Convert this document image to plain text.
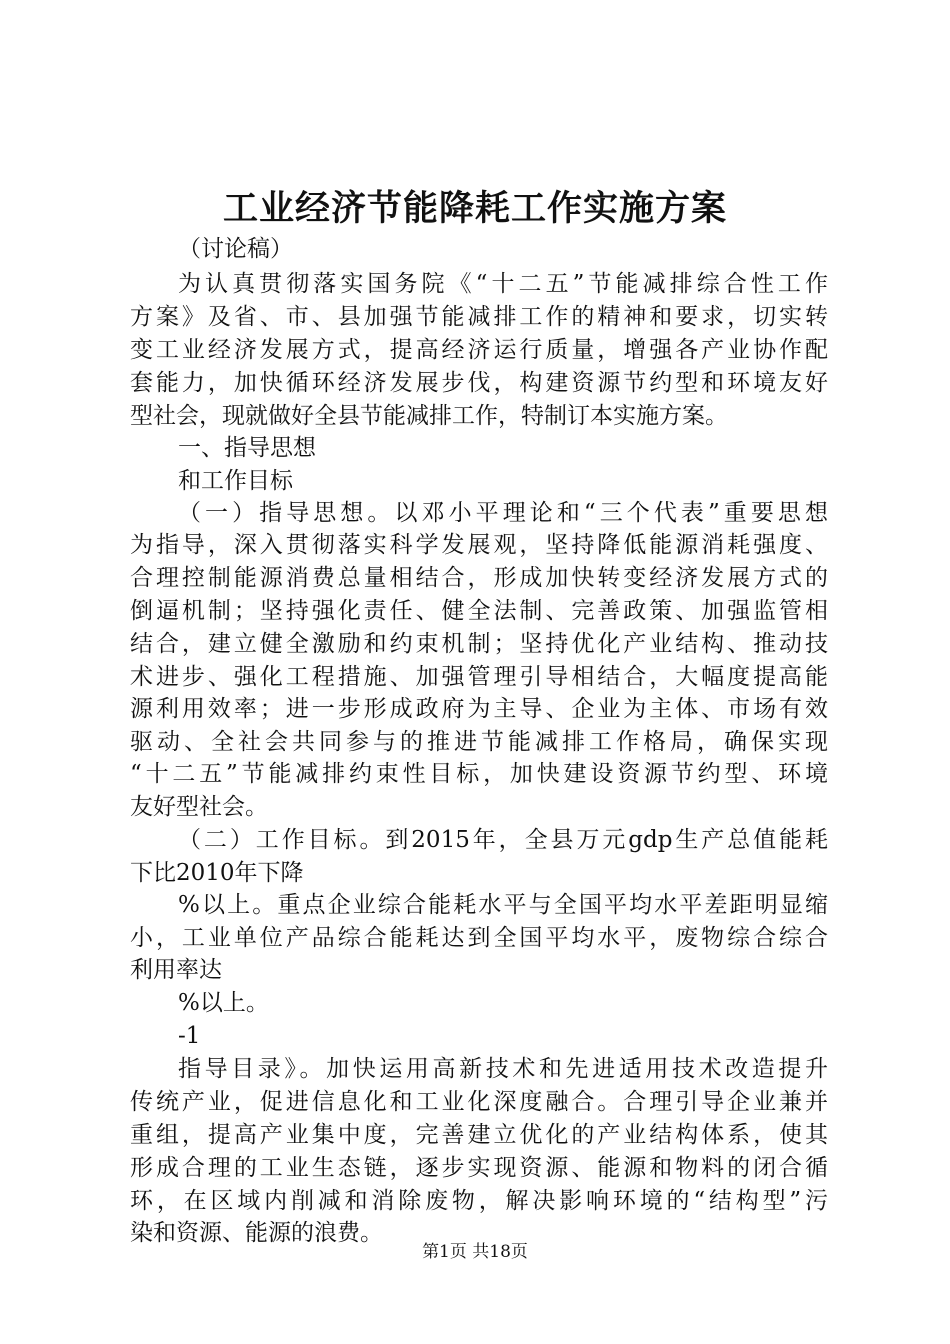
工业经济节能降耗工作实施方案

（讨论稿）

为认真贯彻落实国务院《“十二五”节能减排综合性工作

方案》及省、市、县加强节能减排工作的精神和要求，切实转

变工业经济发展方式，提高经济运行质量，增强各产业协作配

套能力，加快循环经济发展步伐，构建资源节约型和环境友好

型社会，现就做好全县节能减排工作，特制订本实施方案。

一、指导思想

和工作目标

（一）指导思想。以邓小平理论和“三个代表”重要思想

为指导，深入贯彻落实科学发展观，坚持降低能源消耗强度、

合理控制能源消费总量相结合，形成加快转变经济发展方式的

倒逼机制；坚持强化责任、健全法制、完善政策、加强监管相

结合，建立健全激励和约束机制；坚持优化产业结构、推动技

术进步、强化工程措施、加强管理引导相结合，大幅度提高能

源利用效率；进一步形成政府为主导、企业为主体、市场有效

驱动、全社会共同参与的推进节能减排工作格局，确保实现

“十二五”节能减排约束性目标，加快建设资源节约型、环境

友好型社会。

（二）工作目标。到2015年，全县万元gdp生产总值能耗

下比2010年下降

%以上。重点企业综合能耗水平与全国平均水平差距明显缩

小，工业单位产品综合能耗达到全国平均水平，废物综合综合

利用率达

%以上。

-1

指导目录》。加快运用高新技术和先进适用技术改造提升

传统产业，促进信息化和工业化深度融合。合理引导企业兼并

重组，提高产业集中度，完善建立优化的产业结构体系，使其

形成合理的工业生态链，逐步实现资源、能源和物料的闭合循

环，在区域内削减和消除废物，解决影响环境的“结构型”污

染和资源、能源的浪费。

第1页 共18页
